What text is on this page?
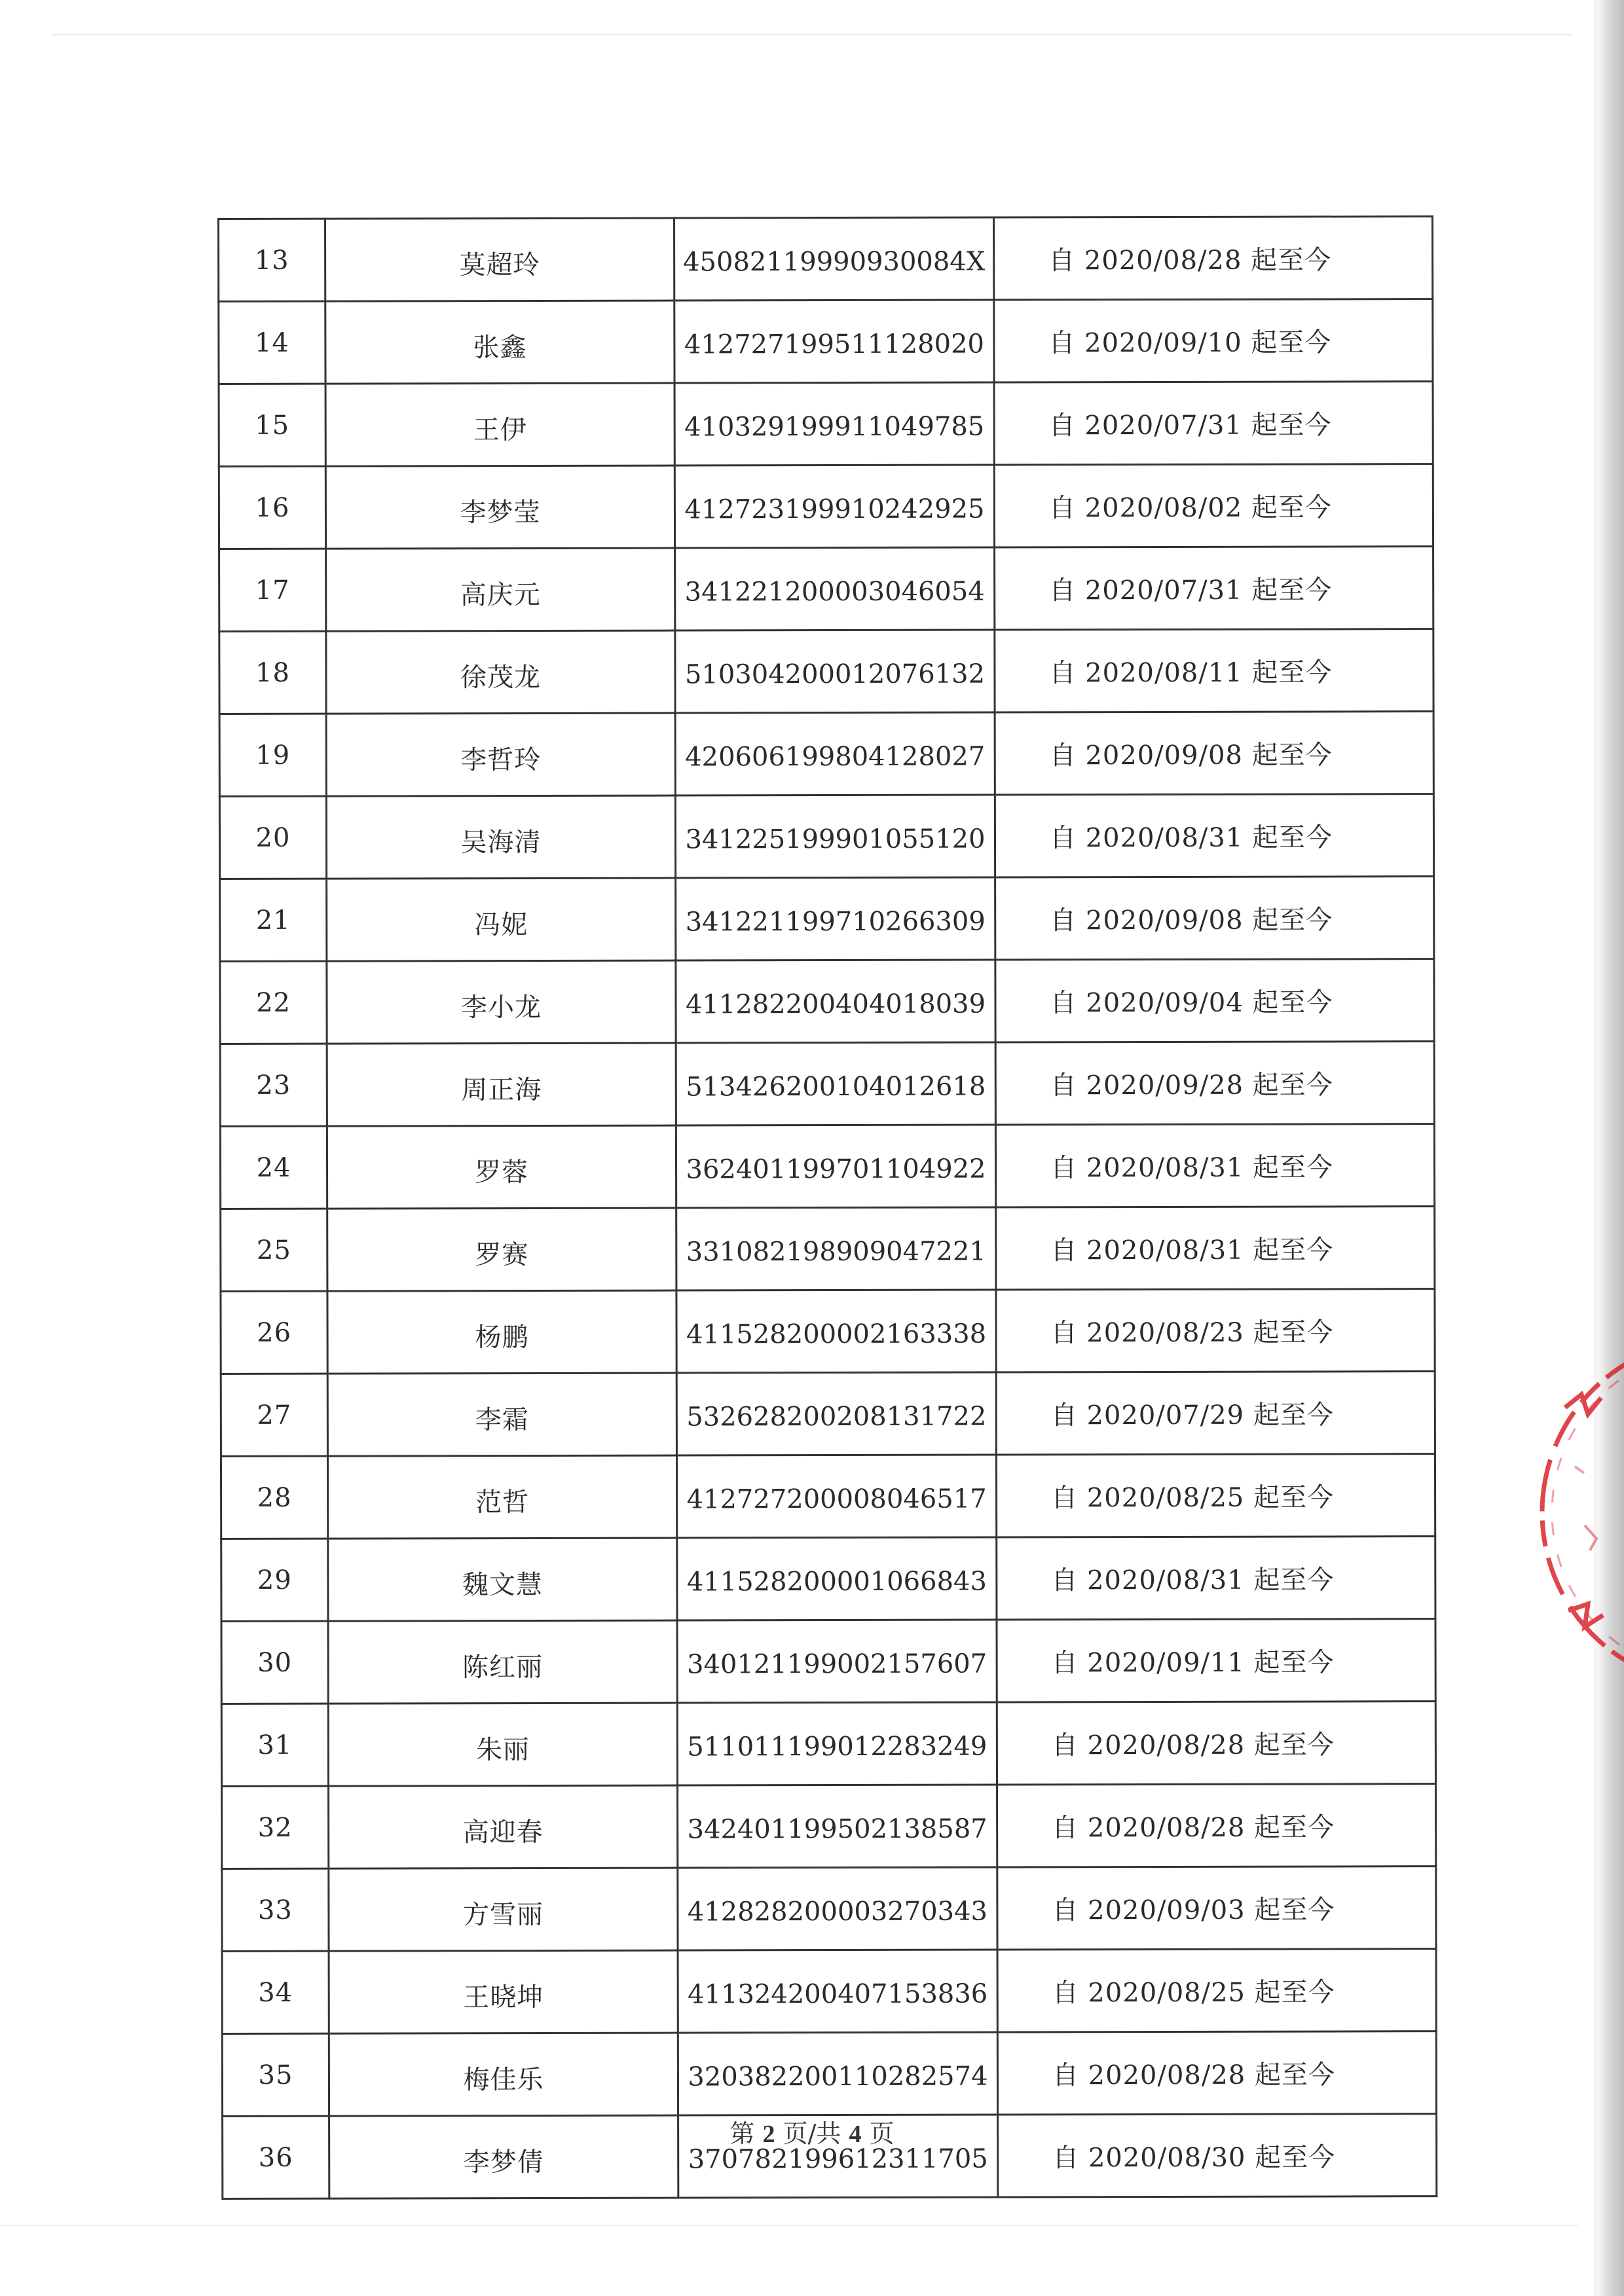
13	莫超玲	45082119990930084X	自 2020/08/28 起至今
14	张鑫	412727199511128020	自 2020/09/10 起至今
15	王伊	410329199911049785	自 2020/07/31 起至今
16	李梦莹	412723199910242925	自 2020/08/02 起至今
17	高庆元	341221200003046054	自 2020/07/31 起至今
18	徐茂龙	510304200012076132	自 2020/08/11 起至今
19	李哲玲	420606199804128027	自 2020/09/08 起至今
20	吴海清	341225199901055120	自 2020/08/31 起至今
21	冯妮	341221199710266309	自 2020/09/08 起至今
22	李小龙	411282200404018039	自 2020/09/04 起至今
23	周正海	513426200104012618	自 2020/09/28 起至今
24	罗蓉	362401199701104922	自 2020/08/31 起至今
25	罗赛	331082198909047221	自 2020/08/31 起至今
26	杨鹏	411528200002163338	自 2020/08/23 起至今
27	李霜	532628200208131722	自 2020/07/29 起至今
28	范哲	412727200008046517	自 2020/08/25 起至今
29	魏文慧	411528200001066843	自 2020/08/31 起至今
30	陈红丽	340121199002157607	自 2020/09/11 起至今
31	朱丽	511011199012283249	自 2020/08/28 起至今
32	高迎春	342401199502138587	自 2020/08/28 起至今
33	方雪丽	412828200003270343	自 2020/09/03 起至今
34	王晓坤	411324200407153836	自 2020/08/25 起至今
35	梅佳乐	320382200110282574	自 2020/08/28 起至今
36	李梦倩	370782199612311705	自 2020/08/30 起至今
第 2 页/共 4 页
